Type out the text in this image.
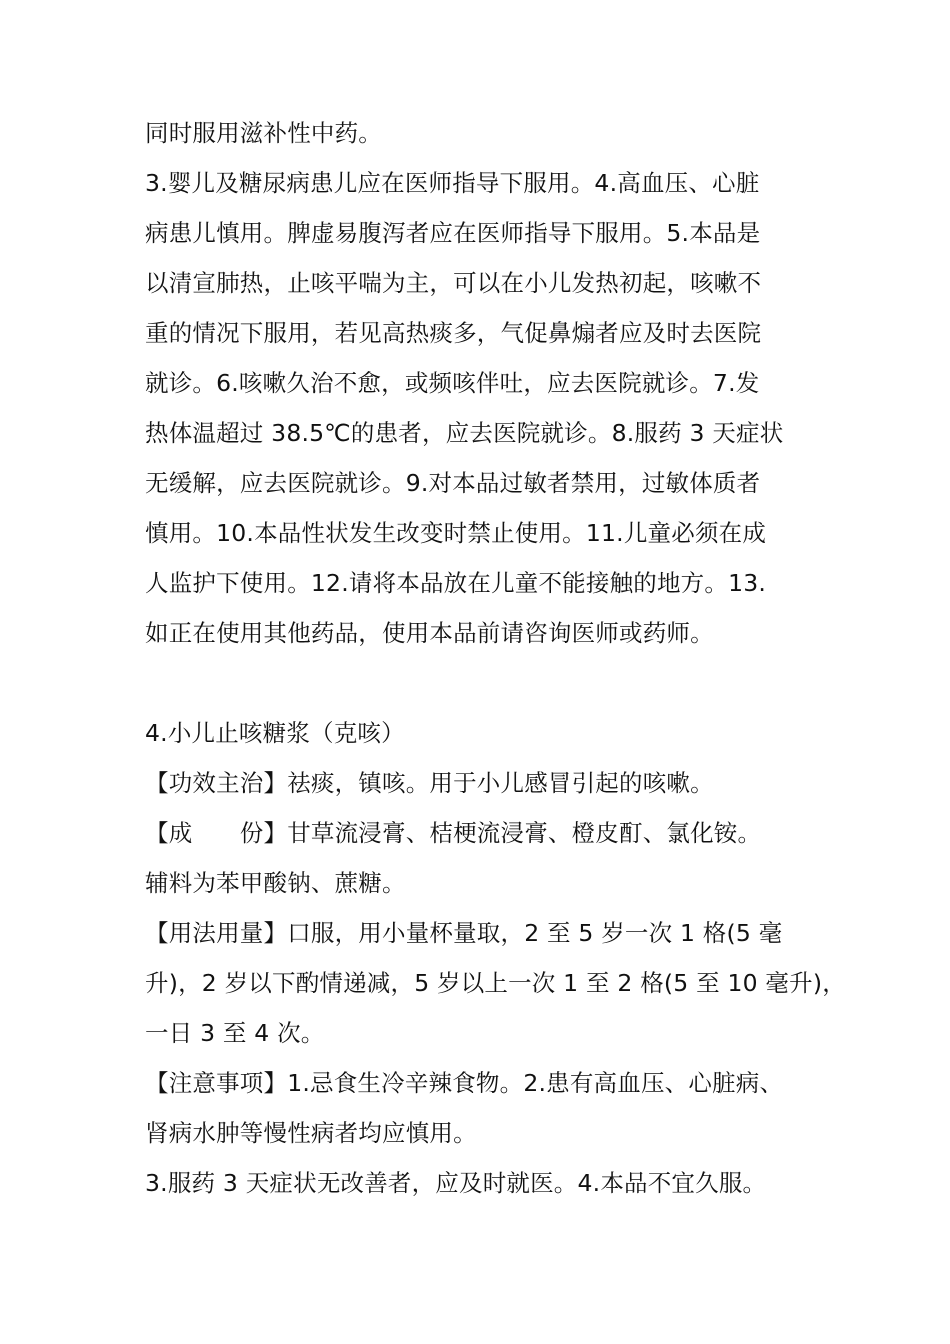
同时服用滋补性中药。
3.婴儿及糖尿病患儿应在医师指导下服用。4.高血压、心脏
病患儿慎用。脾虚易腹泻者应在医师指导下服用。5.本品是
以清宣肺热，止咳平喘为主，可以在小儿发热初起，咳嗽不
重的情况下服用，若见高热痰多，气促鼻煽者应及时去医院
就诊。6.咳嗽久治不愈，或频咳伴吐，应去医院就诊。7.发
热体温超过 38.5℃的患者，应去医院就诊。8.服药 3 天症状
无缓解，应去医院就诊。9.对本品过敏者禁用，过敏体质者
慎用。10.本品性状发生改变时禁止使用。11.儿童必须在成
人监护下使用。12.请将本品放在儿童不能接触的地方。13.
如正在使用其他药品，使用本品前请咨询医师或药师。
4.小儿止咳糖浆（克咳）
【功效主治】祛痰，镇咳。用于小儿感冒引起的咳嗽。
【成　　份】甘草流浸膏、桔梗流浸膏、橙皮酊、氯化铵。
辅料为苯甲酸钠、蔗糖。
【用法用量】口服，用小量杯量取，2 至 5 岁一次 1 格(5 毫
升)，2 岁以下酌情递减，5 岁以上一次 1 至 2 格(5 至 10 毫升)，
一日 3 至 4 次。
【注意事项】1.忌食生冷辛辣食物。2.患有高血压、心脏病、
肾病水肿等慢性病者均应慎用。
3.服药 3 天症状无改善者，应及时就医。4.本品不宜久服。
